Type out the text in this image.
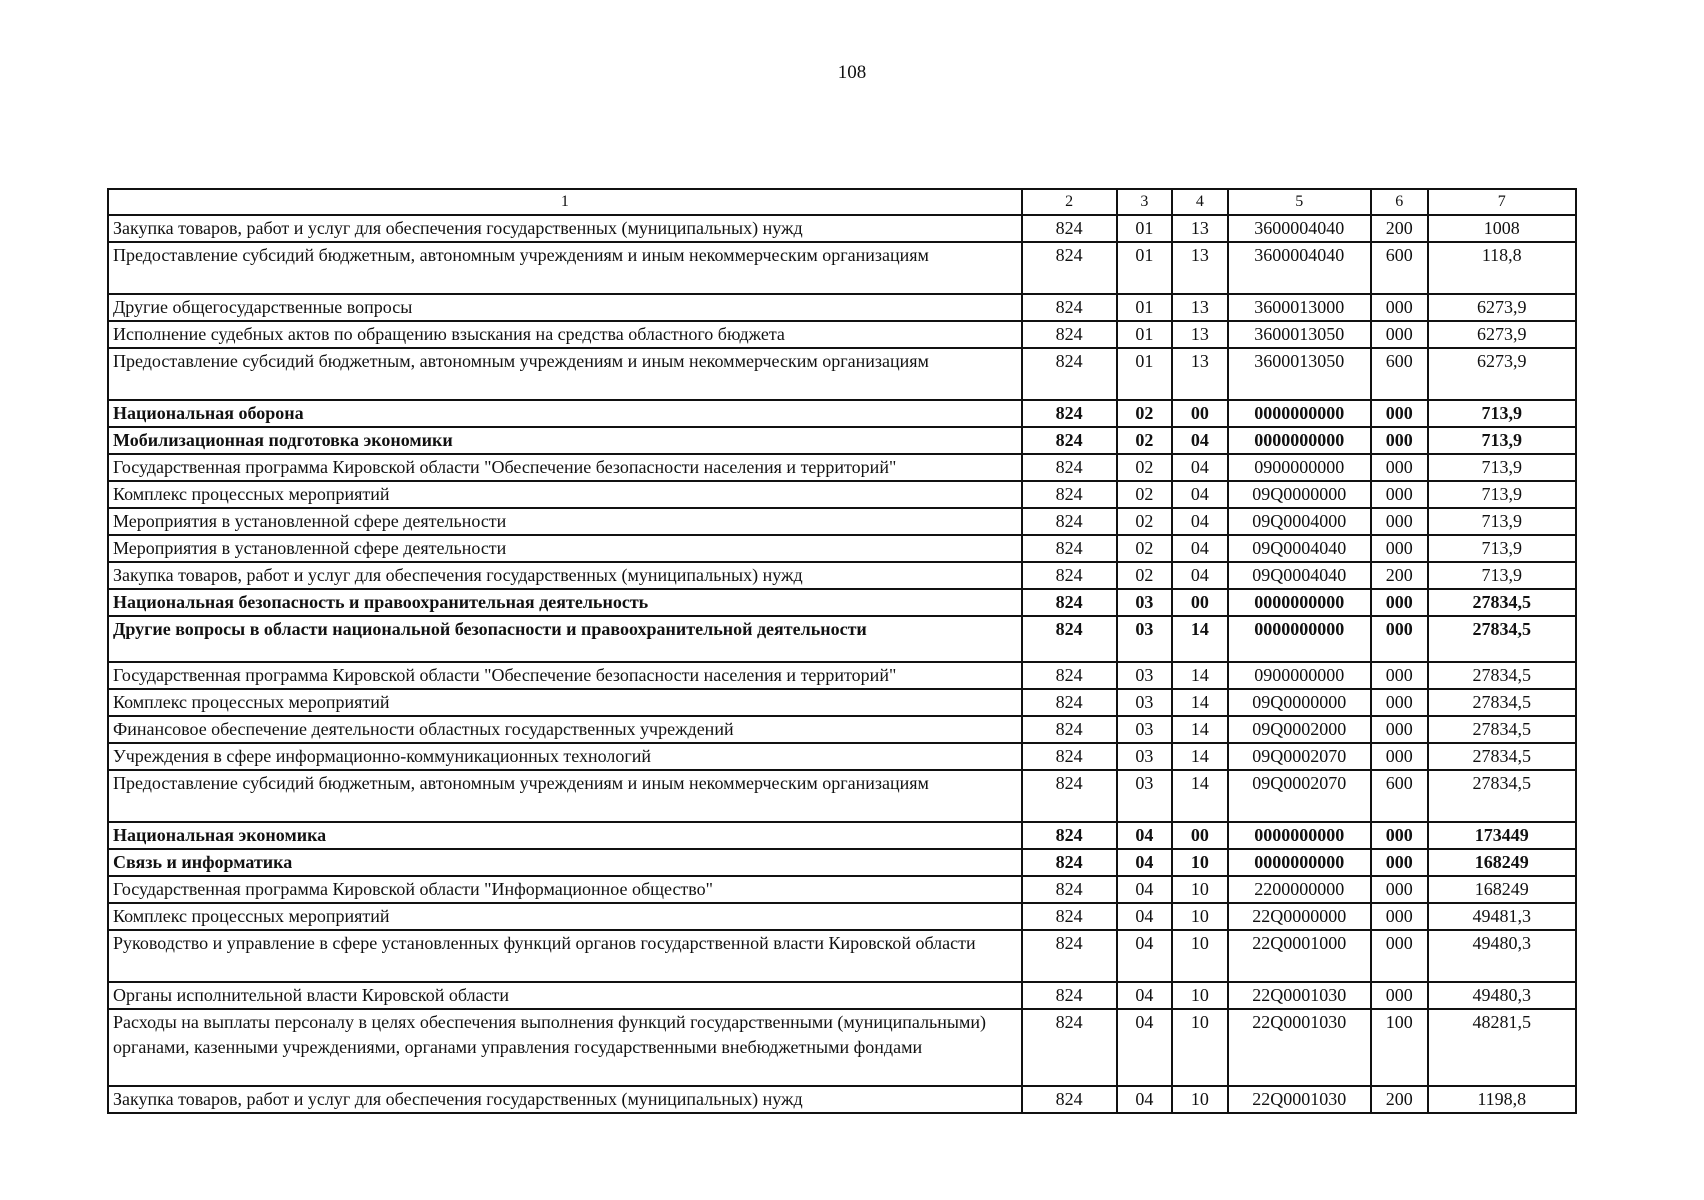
108
1	2	3	4	5	6	7
Закупка товаров, работ и услуг для обеспечения государственных (муниципальных) нужд	824	01	13	3600004040	200	1008
Предоставление субсидий бюджетным, автономным учреждениям и иным некоммерческим организациям	824	01	13	3600004040	600	118,8
Другие общегосударственные вопросы	824	01	13	3600013000	000	6273,9
Исполнение судебных актов по обращению взыскания на средства областного бюджета	824	01	13	3600013050	000	6273,9
Предоставление субсидий бюджетным, автономным учреждениям и иным некоммерческим организациям	824	01	13	3600013050	600	6273,9
Национальная оборона	824	02	00	0000000000	000	713,9
Мобилизационная подготовка экономики	824	02	04	0000000000	000	713,9
Государственная программа Кировской области "Обеспечение безопасности населения и территорий"	824	02	04	0900000000	000	713,9
Комплекс процессных мероприятий	824	02	04	09Q0000000	000	713,9
Мероприятия в установленной сфере деятельности	824	02	04	09Q0004000	000	713,9
Мероприятия в установленной сфере деятельности	824	02	04	09Q0004040	000	713,9
Закупка товаров, работ и услуг для обеспечения государственных (муниципальных) нужд	824	02	04	09Q0004040	200	713,9
Национальная безопасность и правоохранительная деятельность	824	03	00	0000000000	000	27834,5
Другие вопросы в области национальной безопасности и правоохранительной деятельности	824	03	14	0000000000	000	27834,5
Государственная программа Кировской области "Обеспечение безопасности населения и территорий"	824	03	14	0900000000	000	27834,5
Комплекс процессных мероприятий	824	03	14	09Q0000000	000	27834,5
Финансовое обеспечение деятельности областных государственных учреждений	824	03	14	09Q0002000	000	27834,5
Учреждения в сфере информационно-коммуникационных технологий	824	03	14	09Q0002070	000	27834,5
Предоставление субсидий бюджетным, автономным учреждениям и иным некоммерческим организациям	824	03	14	09Q0002070	600	27834,5
Национальная экономика	824	04	00	0000000000	000	173449
Связь и информатика	824	04	10	0000000000	000	168249
Государственная программа Кировской области "Информационное общество"	824	04	10	2200000000	000	168249
Комплекс процессных мероприятий	824	04	10	22Q0000000	000	49481,3
Руководство и управление в сфере установленных функций органов государственной власти Кировской области	824	04	10	22Q0001000	000	49480,3
Органы исполнительной власти Кировской области	824	04	10	22Q0001030	000	49480,3
Расходы на выплаты персоналу в целях обеспечения выполнения функций государственными (муниципальными) органами, казенными учреждениями, органами управления государственными внебюджетными фондами	824	04	10	22Q0001030	100	48281,5
Закупка товаров, работ и услуг для обеспечения государственных (муниципальных) нужд	824	04	10	22Q0001030	200	1198,8
